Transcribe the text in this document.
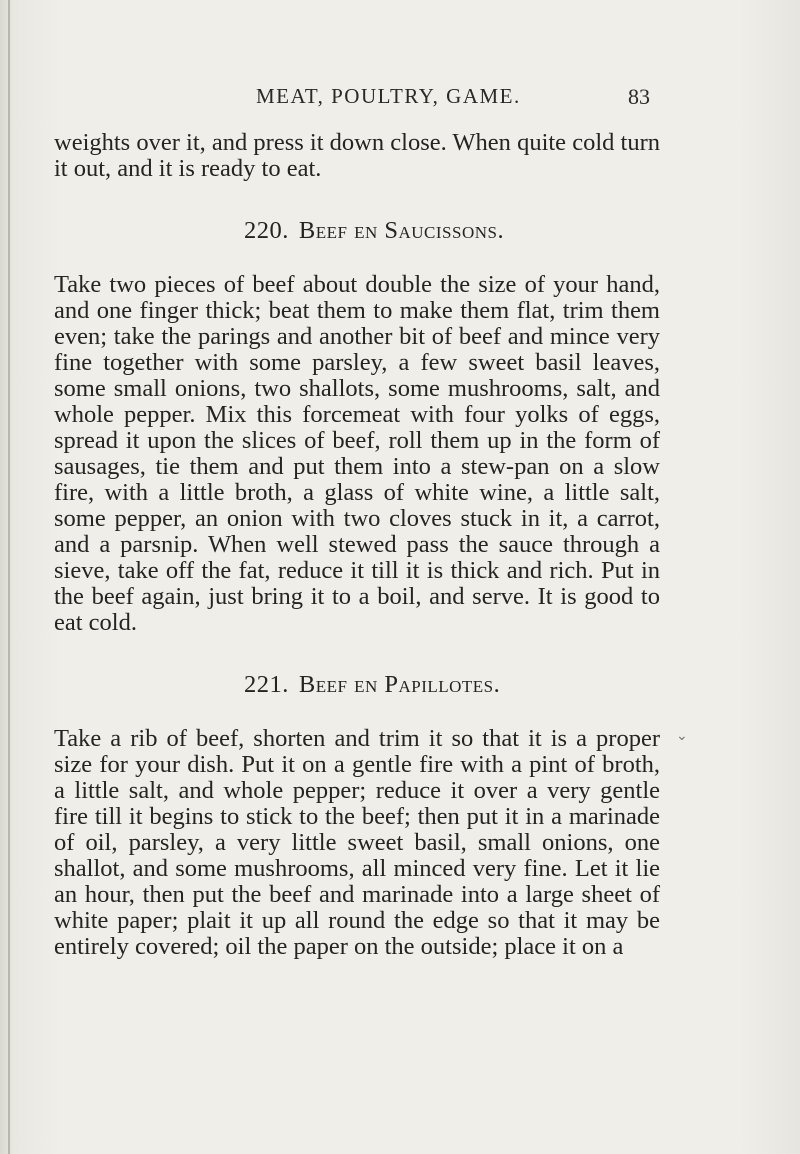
MEAT, POULTRY, GAME.	83

weights over it, and press it down close. When quite cold turn it out, and it is ready to eat.

220. Beef en Saucissons.

Take two pieces of beef about double the size of your hand, and one finger thick; beat them to make them flat, trim them even; take the parings and another bit of beef and mince very fine together with some parsley, a few sweet basil leaves, some small onions, two shallots, some mushrooms, salt, and whole pepper. Mix this forcemeat with four yolks of eggs, spread it upon the slices of beef, roll them up in the form of sausages, tie them and put them into a stew-pan on a slow fire, with a little broth, a glass of white wine, a little salt, some pepper, an onion with two cloves stuck in it, a carrot, and a parsnip. When well stewed pass the sauce through a sieve, take off the fat, reduce it till it is thick and rich. Put in the beef again, just bring it to a boil, and serve. It is good to eat cold.

221. Beef en Papillotes.

Take a rib of beef, shorten and trim it so that it is a proper size for your dish. Put it on a gentle fire with a pint of broth, a little salt, and whole pepper; reduce it over a very gentle fire till it begins to stick to the beef; then put it in a marinade of oil, parsley, a very little sweet basil, small onions, one shallot, and some mushrooms, all minced very fine. Let it lie an hour, then put the beef and marinade into a large sheet of white paper; plait it up all round the edge so that it may be entirely covered; oil the paper on the outside; place it on a

⌄
